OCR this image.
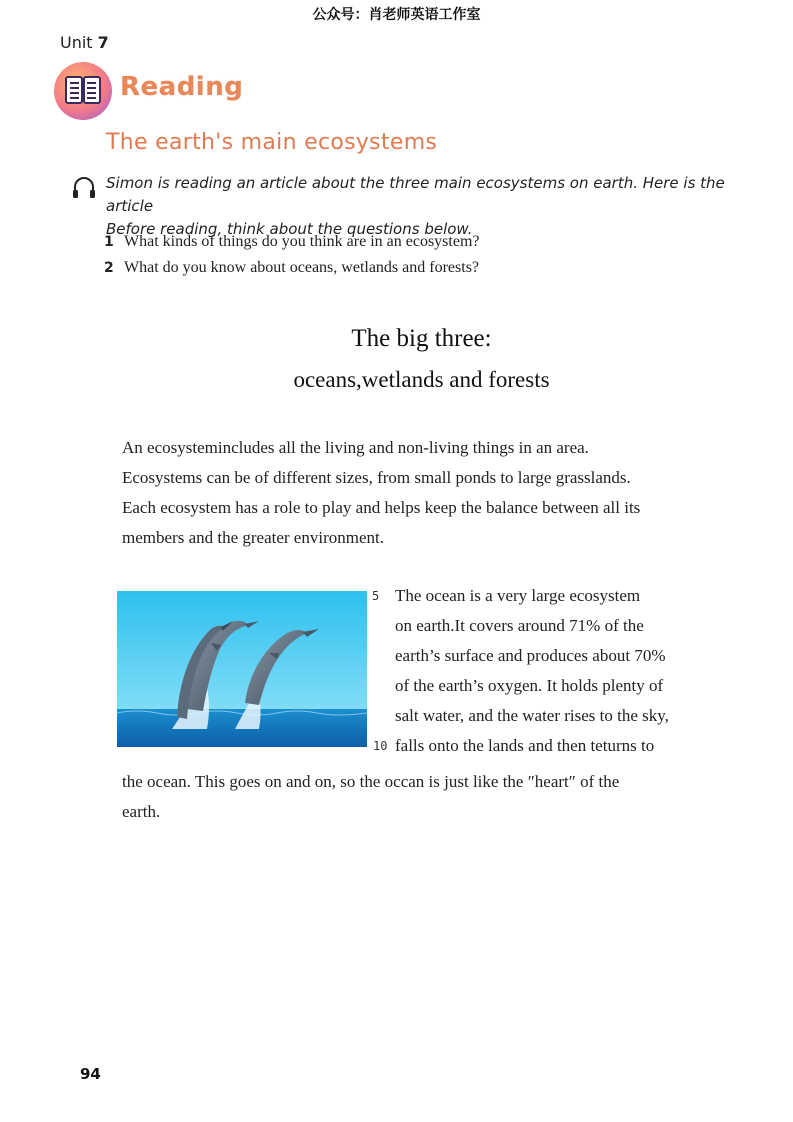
公众号：肖老师英语工作室
Unit 7
Reading
The earth's main ecosystems
Simon is reading an article about the three main ecosystems on earth. Here is the article
Before reading, think about the questions below.
1 What kinds of things do you think are in an ecosystem?
2 What do you know about oceans, wetlands and forests?
The big three:
oceans,wetlands and forests
An ecosystemincludes all the living and non-living things in an area.
Ecosystems can be of different sizes, from small ponds to large grasslands.
Each ecosystem has a role to play and helps keep the balance between all its
members and the greater environment.
5
10
The ocean is a very large ecosystem
on earth.It covers around 71% of the
earth’s surface and produces about 70%
of the earth’s oxygen. It holds plenty of
salt water, and the water rises to the sky,
falls onto the lands and then teturns to
the ocean. This goes on and on, so the occan is just like the ″heart″ of the
earth.
94
